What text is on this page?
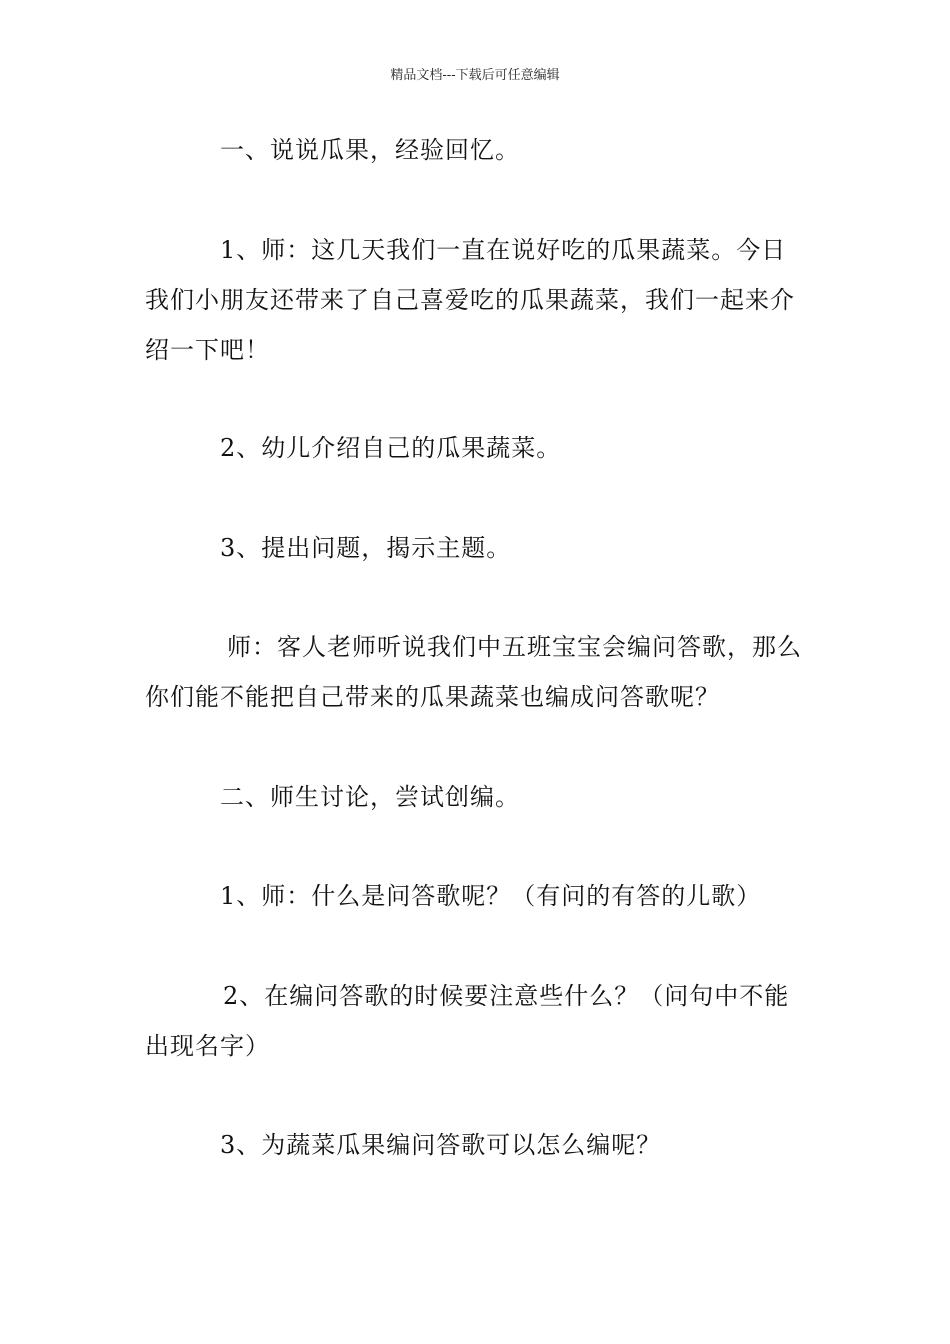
精品文档---下载后可任意编辑

一、说说瓜果，经验回忆。

1、师：这几天我们一直在说好吃的瓜果蔬菜。今日我们小朋友还带来了自己喜爱吃的瓜果蔬菜，我们一起来介绍一下吧！

2、幼儿介绍自己的瓜果蔬菜。

3、提出问题，揭示主题。

师：客人老师听说我们中五班宝宝会编问答歌，那么你们能不能把自己带来的瓜果蔬菜也编成问答歌呢？

二、师生讨论，尝试创编。

1、师：什么是问答歌呢？（有问的有答的儿歌）

2、在编问答歌的时候要注意些什么？（问句中不能出现名字）

3、为蔬菜瓜果编问答歌可以怎么编呢？
